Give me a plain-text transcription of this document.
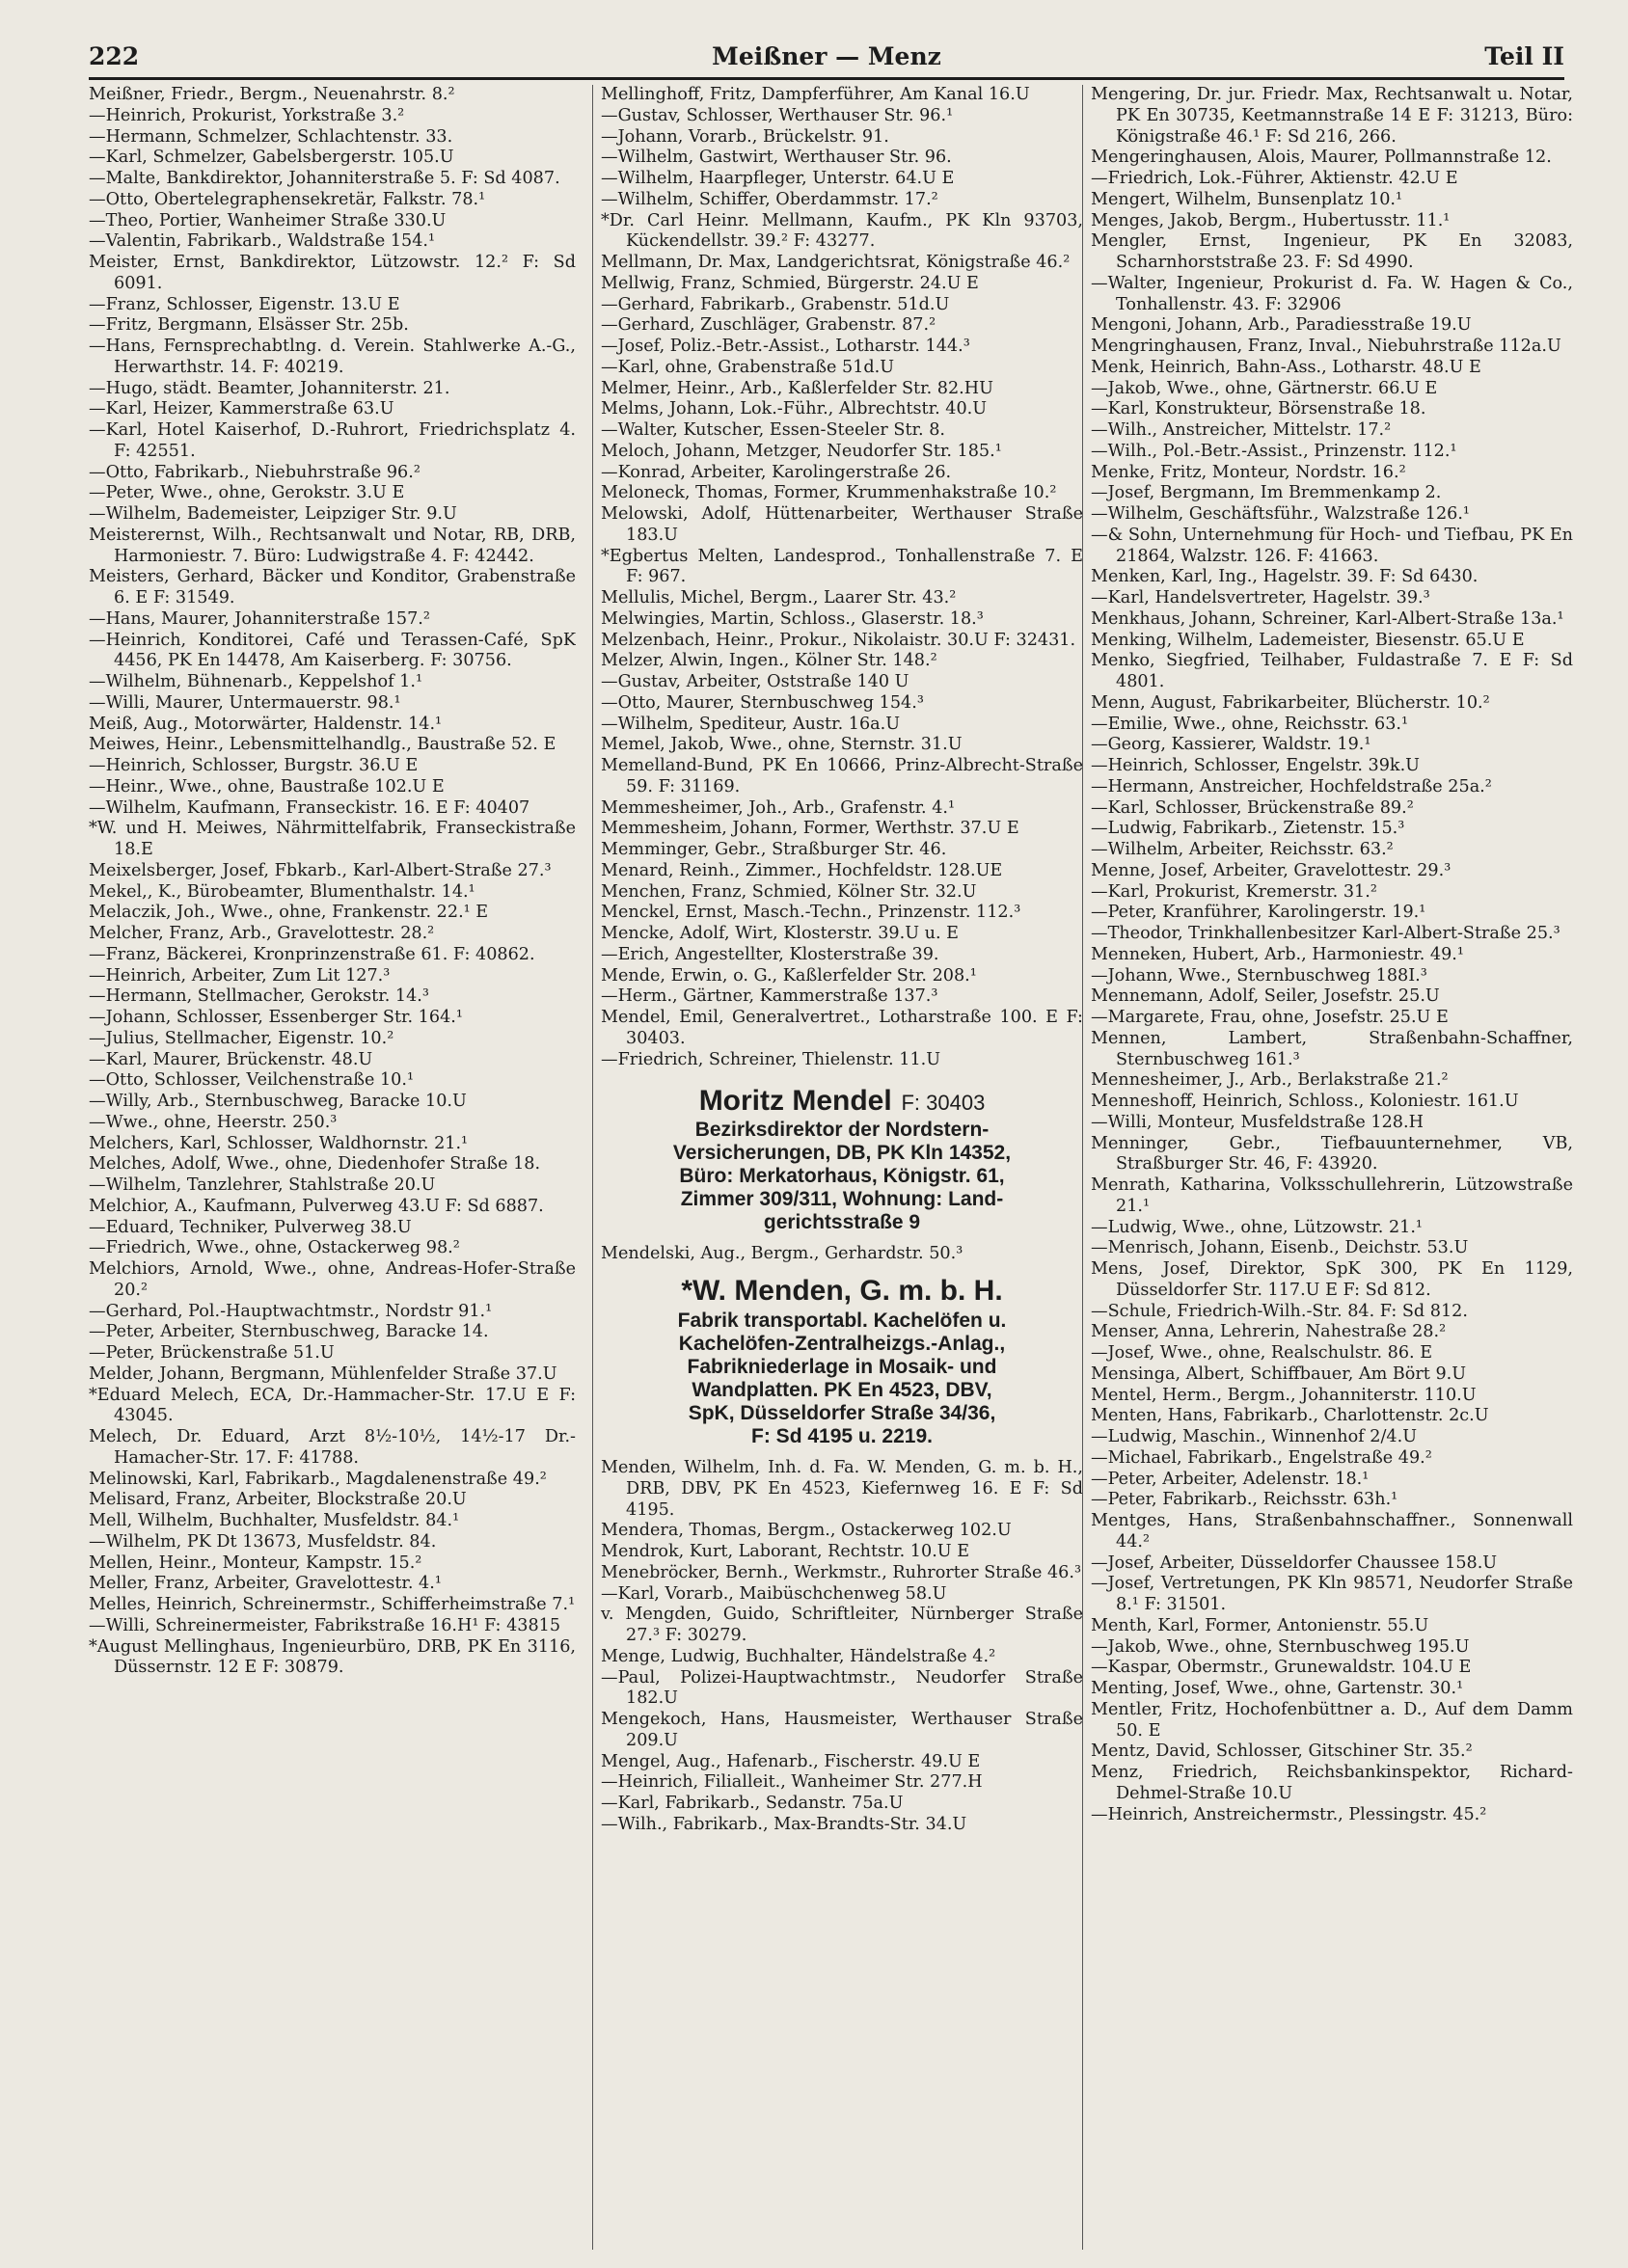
222	Meißner — Menz	Teil II

Meißner, Friedr., Bergm., Neuenahrstr. 8.²

—Heinrich, Prokurist, Yorkstraße 3.²

—Hermann, Schmelzer, Schlachtenstr. 33.

—Karl, Schmelzer, Gabelsbergerstr. 105.U

—Malte, Bankdirektor, Johanniterstraße 5. F: Sd 4087.

—Otto, Obertelegraphensekretär, Falkstr. 78.¹

—Theo, Portier, Wanheimer Straße 330.U

—Valentin, Fabrikarb., Waldstraße 154.¹

Meister, Ernst, Bankdirektor, Lützowstr. 12.² F: Sd 6091.

—Franz, Schlosser, Eigenstr. 13.U E

—Fritz, Bergmann, Elsässer Str. 25b.

—Hans, Fernsprechabtlng. d. Verein. Stahlwerke A.-G., Herwarthstr. 14. F: 40219.

—Hugo, städt. Beamter, Johanniterstr. 21.

—Karl, Heizer, Kammerstraße 63.U

—Karl, Hotel Kaiserhof, D.-Ruhrort, Friedrichsplatz 4. F: 42551.

—Otto, Fabrikarb., Niebuhrstraße 96.²

—Peter, Wwe., ohne, Gerokstr. 3.U E

—Wilhelm, Bademeister, Leipziger Str. 9.U

Meisterernst, Wilh., Rechtsanwalt und Notar, RB, DRB, Harmoniestr. 7. Büro: Ludwigstraße 4. F: 42442.

Meisters, Gerhard, Bäcker und Konditor, Grabenstraße 6. E F: 31549.

—Hans, Maurer, Johanniterstraße 157.²

—Heinrich, Konditorei, Café und Terassen-Café, SpK 4456, PK En 14478, Am Kaiserberg. F: 30756.

—Wilhelm, Bühnenarb., Keppelshof 1.¹

—Willi, Maurer, Untermauerstr. 98.¹

Meiß, Aug., Motorwärter, Haldenstr. 14.¹

Meiwes, Heinr., Lebensmittelhandlg., Baustraße 52. E

—Heinrich, Schlosser, Burgstr. 36.U E

—Heinr., Wwe., ohne, Baustraße 102.U E

—Wilhelm, Kaufmann, Franseckistr. 16. E F: 40407

*W. und H. Meiwes, Nährmittelfabrik, Franseckistraße 18.E

Meixelsberger, Josef, Fbkarb., Karl-Albert-Straße 27.³

Mekel,, K., Bürobeamter, Blumenthalstr. 14.¹

Melaczik, Joh., Wwe., ohne, Frankenstr. 22.¹ E

Melcher, Franz, Arb., Gravelottestr. 28.²

—Franz, Bäckerei, Kronprinzenstraße 61. F: 40862.

—Heinrich, Arbeiter, Zum Lit 127.³

—Hermann, Stellmacher, Gerokstr. 14.³

—Johann, Schlosser, Essenberger Str. 164.¹

—Julius, Stellmacher, Eigenstr. 10.²

—Karl, Maurer, Brückenstr. 48.U

—Otto, Schlosser, Veilchenstraße 10.¹

—Willy, Arb., Sternbuschweg, Baracke 10.U

—Wwe., ohne, Heerstr. 250.³

Melchers, Karl, Schlosser, Waldhornstr. 21.¹

Melches, Adolf, Wwe., ohne, Diedenhofer Straße 18.

—Wilhelm, Tanzlehrer, Stahlstraße 20.U

Melchior, A., Kaufmann, Pulverweg 43.U F: Sd 6887.

—Eduard, Techniker, Pulverweg 38.U

—Friedrich, Wwe., ohne, Ostackerweg 98.²

Melchiors, Arnold, Wwe., ohne, Andreas-Hofer-Straße 20.²

—Gerhard, Pol.-Hauptwachtmstr., Nordstr 91.¹

—Peter, Arbeiter, Sternbuschweg, Baracke 14.

—Peter, Brückenstraße 51.U

Melder, Johann, Bergmann, Mühlenfelder Straße 37.U

*Eduard Meleсh, ECA, Dr.-Hammacher-Str. 17.U E F: 43045.

Meleсh, Dr. Eduard, Arzt 8½-10½, 14½-17 Dr.-Hamacher-Str. 17. F: 41788.

Melinowski, Karl, Fabrikarb., Magdalenenstraße 49.²

Melisard, Franz, Arbeiter, Blockstraße 20.U

Mell, Wilhelm, Buchhalter, Musfeldstr. 84.¹

—Wilhelm, PK Dt 13673, Musfeldstr. 84.

Mellen, Heinr., Monteur, Kampstr. 15.²

Meller, Franz, Arbeiter, Gravelottestr. 4.¹

Melles, Heinrich, Schreinermstr., Schifferheimstraße 7.¹

—Willi, Schreinermeister, Fabrikstraße 16.H¹ F: 43815

*August Mellinghaus, Ingenieurbüro, DRB, PK En 3116, Düssernstr. 12 E F: 30879.

Mellinghoff, Fritz, Dampferführer, Am Kanal 16.U

—Gustav, Schlosser, Werthauser Str. 96.¹

—Johann, Vorarb., Brückelstr. 91.

—Wilhelm, Gastwirt, Werthauser Str. 96.

—Wilhelm, Haarpfleger, Unterstr. 64.U E

—Wilhelm, Schiffer, Oberdammstr. 17.²

*Dr. Carl Heinr. Mellmann, Kaufm., PK Kln 93703, Kückendellstr. 39.² F: 43277.

Mellmann, Dr. Max, Landgerichtsrat, Königstraße 46.²

Mellwig, Franz, Schmied, Bürgerstr. 24.U E

—Gerhard, Fabrikarb., Grabenstr. 51d.U

—Gerhard, Zuschläger, Grabenstr. 87.²

—Josef, Poliz.-Betr.-Assist., Lotharstr. 144.³

—Karl, ohne, Grabenstraße 51d.U

Melmer, Heinr., Arb., Kaßlerfelder Str. 82.HU

Melms, Johann, Lok.-Führ., Albrechtstr. 40.U

—Walter, Kutscher, Essen-Steeler Str. 8.

Meloch, Johann, Metzger, Neudorfer Str. 185.¹

—Konrad, Arbeiter, Karolingerstraße 26.

Meloneck, Thomas, Former, Krummenhakstraße 10.²

Melowski, Adolf, Hüttenarbeiter, Werthauser Straße 183.U

*Egbertus Melten, Landesprod., Tonhallenstraße 7. E F: 967.

Mellulis, Michel, Bergm., Laarer Str. 43.²

Melwingies, Martin, Schloss., Glaserstr. 18.³

Melzenbach, Heinr., Prokur., Nikolaistr. 30.U F: 32431.

Melzer, Alwin, Ingen., Kölner Str. 148.²

—Gustav, Arbeiter, Oststraße 140 U

—Otto, Maurer, Sternbuschweg 154.³

—Wilhelm, Spediteur, Austr. 16a.U

Memel, Jakob, Wwe., ohne, Sternstr. 31.U

Memelland-Bund, PK En 10666, Prinz-Albrecht-Straße 59. F: 31169.

Memmesheimer, Joh., Arb., Grafenstr. 4.¹

Memmesheim, Johann, Former, Werthstr. 37.U E

Memminger, Gebr., Straßburger Str. 46.

Menard, Reinh., Zimmer., Hochfeldstr. 128.UE

Menchen, Franz, Schmied, Kölner Str. 32.U

Menckel, Ernst, Masch.-Techn., Prinzenstr. 112.³

Mencke, Adolf, Wirt, Klosterstr. 39.U u. E

—Erich, Angestellter, Klosterstraße 39.

Mende, Erwin, o. G., Kaßlerfelder Str. 208.¹

—Herm., Gärtner, Kammerstraße 137.³

Mendel, Emil, Generalvertret., Lotharstraße 100. E F: 30403.

—Friedrich, Schreiner, Thielenstr. 11.U

Moritz Mendel F: 30403
Bezirksdirektor der Nordstern-
Versicherungen, DB, PK Kln 14352,
Büro: Merkatorhaus, Königstr. 61,
Zimmer 309/311, Wohnung: Land-
gerichtsstraße 9

Mendelski, Aug., Bergm., Gerhardstr. 50.³

*W. Menden, G. m. b. H.
Fabrik transportabl. Kachelöfen u.
Kachelöfen-Zentralheizgs.-Anlag.,
Fabrikniederlage in Mosaik- und
Wandplatten. PK En 4523, DBV,
SpK, Düsseldorfer Straße 34/36,
F: Sd 4195 u. 2219.

Menden, Wilhelm, Inh. d. Fa. W. Menden, G. m. b. H., DRB, DBV, PK En 4523, Kiefernweg 16. E F: Sd 4195.

Mendera, Thomas, Bergm., Ostackerweg 102.U

Mendrok, Kurt, Laborant, Rechtstr. 10.U E

Menebröcker, Bernh., Werkmstr., Ruhrorter Straße 46.³

—Karl, Vorarb., Maibüschchenweg 58.U

v. Mengden, Guido, Schriftleiter, Nürnberger Straße 27.³ F: 30279.

Menge, Ludwig, Buchhalter, Händelstraße 4.²

—Paul, Polizei-Hauptwachtmstr., Neudorfer Straße 182.U

Mengekoch, Hans, Hausmeister, Werthauser Straße 209.U

Mengel, Aug., Hafenarb., Fischerstr. 49.U E

—Heinrich, Filialleit., Wanheimer Str. 277.H

—Karl, Fabrikarb., Sedanstr. 75a.U

—Wilh., Fabrikarb., Max-Brandts-Str. 34.U

Mengering, Dr. jur. Friedr. Max, Rechtsanwalt u. Notar, PK En 30735, Keetmannstraße 14 E F: 31213, Büro: Königstraße 46.¹ F: Sd 216, 266.

Mengeringhausen, Alois, Maurer, Pollmannstraße 12.

—Friedrich, Lok.-Führer, Aktienstr. 42.U E

Mengert, Wilhelm, Bunsenplatz 10.¹

Menges, Jakob, Bergm., Hubertusstr. 11.¹

Mengler, Ernst, Ingenieur, PK En 32083, Scharnhorststraße 23. F: Sd 4990.

—Walter, Ingenieur, Prokurist d. Fa. W. Hagen & Co., Tonhallenstr. 43. F: 32906

Mengoni, Johann, Arb., Paradiesstraße 19.U

Mengringhausen, Franz, Inval., Niebuhrstraße 112a.U

Menk, Heinrich, Bahn-Ass., Lotharstr. 48.U E

—Jakob, Wwe., ohne, Gärtnerstr. 66.U E

—Karl, Konstrukteur, Börsenstraße 18.

—Wilh., Anstreicher, Mittelstr. 17.²

—Wilh., Pol.-Betr.-Assist., Prinzenstr. 112.¹

Menke, Fritz, Monteur, Nordstr. 16.²

—Josef, Bergmann, Im Bremmenkamp 2.

—Wilhelm, Geschäftsführ., Walzstraße 126.¹

—& Sohn, Unternehmung für Hoch- und Tiefbau, PK En 21864, Walzstr. 126. F: 41663.

Menken, Karl, Ing., Hagelstr. 39. F: Sd 6430.

—Karl, Handelsvertreter, Hagelstr. 39.³

Menkhaus, Johann, Schreiner, Karl-Albert-Straße 13a.¹

Menking, Wilhelm, Lademeister, Biesenstr. 65.U E

Menko, Siegfried, Teilhaber, Fuldastraße 7. E F: Sd 4801.

Menn, August, Fabrikarbeiter, Blücherstr. 10.²

—Emilie, Wwe., ohne, Reichsstr. 63.¹

—Georg, Kassierer, Waldstr. 19.¹

—Heinrich, Schlosser, Engelstr. 39k.U

—Hermann, Anstreicher, Hochfeldstraße 25a.²

—Karl, Schlosser, Brückenstraße 89.²

—Ludwig, Fabrikarb., Zietenstr. 15.³

—Wilhelm, Arbeiter, Reichsstr. 63.²

Menne, Josef, Arbeiter, Gravelottestr. 29.³

—Karl, Prokurist, Kremerstr. 31.²

—Peter, Kranführer, Karolingerstr. 19.¹

—Theodor, Trinkhallenbesitzer Karl-Albert-Straße 25.³

Menneken, Hubert, Arb., Harmoniestr. 49.¹

—Johann, Wwe., Sternbuschweg 188I.³

Mennemann, Adolf, Seiler, Josefstr. 25.U

—Margarete, Frau, ohne, Josefstr. 25.U E

Mennen, Lambert, Straßenbahn-Schaffner, Sternbuschweg 161.³

Mennesheimer, J., Arb., Berlakstraße 21.²

Menneshoff, Heinrich, Schloss., Koloniestr. 161.U

—Willi, Monteur, Musfeldstraße 128.H

Menninger, Gebr., Tiefbauunternehmer, VB, Straßburger Str. 46, F: 43920.

Menrath, Katharina, Volksschullehrerin, Lützowstraße 21.¹

—Ludwig, Wwe., ohne, Lützowstr. 21.¹

—Menrisch, Johann, Eisenb., Deichstr. 53.U

Mens, Josef, Direktor, SpK 300, PK En 1129, Düsseldorfer Str. 117.U E F: Sd 812.

—Schule, Friedrich-Wilh.-Str. 84. F: Sd 812.

Menser, Anna, Lehrerin, Nahestraße 28.²

—Josef, Wwe., ohne, Realschulstr. 86. E

Mensinga, Albert, Schiffbauer, Am Bört 9.U

Mentel, Herm., Bergm., Johanniterstr. 110.U

Menten, Hans, Fabrikarb., Charlottenstr. 2c.U

—Ludwig, Maschin., Winnenhof 2/4.U

—Michael, Fabrikarb., Engelstraße 49.²

—Peter, Arbeiter, Adelenstr. 18.¹

—Peter, Fabrikarb., Reichsstr. 63h.¹

Mentges, Hans, Straßenbahnschaffner., Sonnenwall 44.²

—Josef, Arbeiter, Düsseldorfer Chaussee 158.U

—Josef, Vertretungen, PK Kln 98571, Neudorfer Straße 8.¹ F: 31501.

Menth, Karl, Former, Antonienstr. 55.U

—Jakob, Wwe., ohne, Sternbuschweg 195.U

—Kaspar, Obermstr., Grunewaldstr. 104.U E

Menting, Josef, Wwe., ohne, Gartenstr. 30.¹

Mentler, Fritz, Hochofenbüttner a. D., Auf dem Damm 50. E

Mentz, David, Schlosser, Gitschiner Str. 35.²

Menz, Friedrich, Reichsbankinspektor, Richard-Dehmel-Straße 10.U

—Heinrich, Anstreichermstr., Plessingstr. 45.²
